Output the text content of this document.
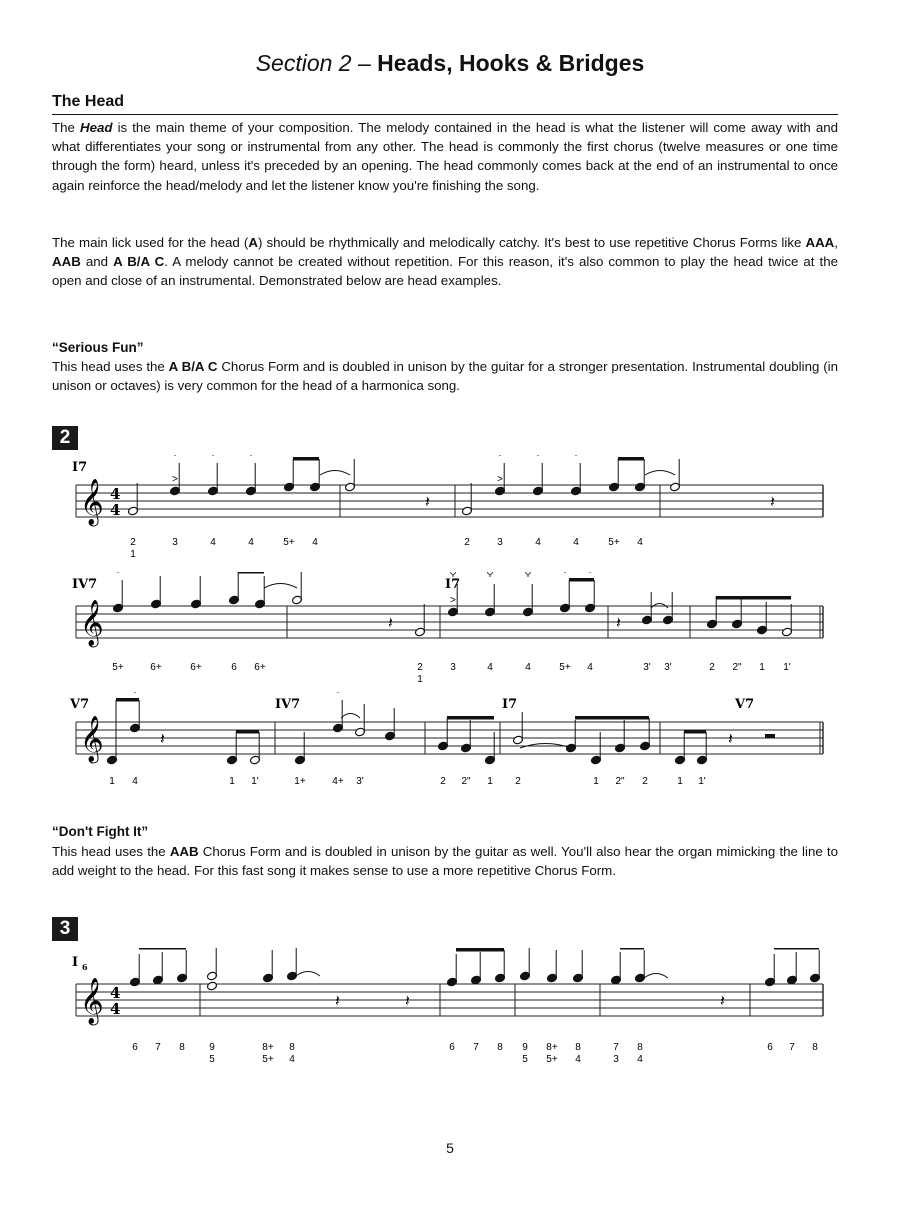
Section 2 – Heads, Hooks & Bridges
The Head
The Head is the main theme of your composition. The melody contained in the head is what the listener will come away with and what differentiates your song or instrumental from any other. The head is commonly the first chorus (twelve measures or one time through the form) heard, unless it's preceded by an opening. The head commonly comes back at the end of an instrumental to once again reinforce the head/melody and let the listener know you're finishing the song.
The main lick used for the head (A) should be rhythmically and melodically catchy. It's best to use repetitive Chorus Forms like AAA, AAB and A B/A C. A melody cannot be created without repetition. For this reason, it's also common to play the head twice at the open and close of an instrumental. Demonstrated below are head examples.
“Serious Fun”
This head uses the A B/A C Chorus Form and is doubled in unison by the guitar for a stronger presentation. Instrumental doubling (in unison or octaves) is very common for the head of a harmonica song.
2
𝄞 4
4
I7
>
𝄽
>
𝄽
2	3	4	4	5+ 4	2	3	4	4	5+ 4
1
𝄞
IV7	I7
𝄽
>
𝄽
5+	6+	6+	6 6+	2	3	4	4	5+ 4	3' 3'	2 2" 1 1'
1
𝄞
V7	IV7	I7	V7
𝄽	𝄽
1 4	1 1'	1+	4+ 3'	2 2" 1 2	1 2" 2	1 1'
“Don't Fight It”
This head uses the AAB Chorus Form and is doubled in unison by the guitar as well. You'll also hear the organ mimicking the line to add weight to the head. For this fast song it makes sense to use a more repetitive Chorus Form.
3
𝄞 4
4
I 6
𝄽	𝄽	𝄽
6 7 8 9	8+ 8	6 7 8 9 8+ 8	7 8	6 7 8
5	5+ 4	5 5+ 4	3 4
5
